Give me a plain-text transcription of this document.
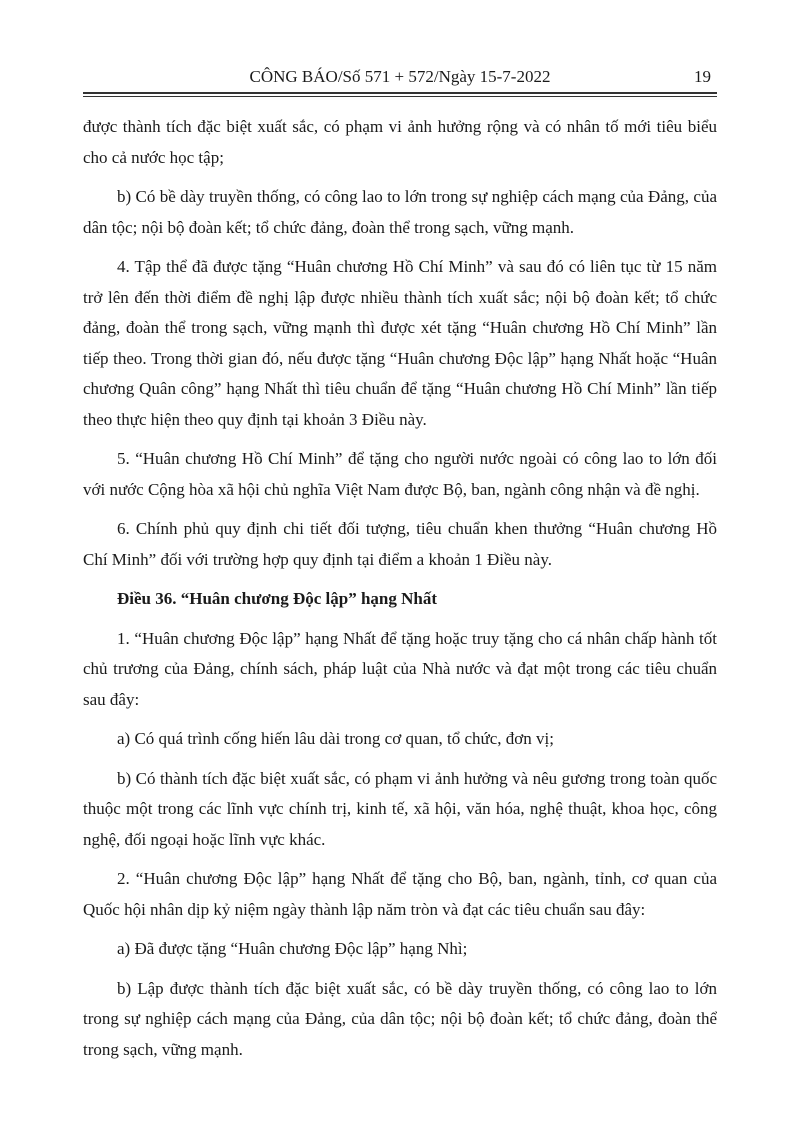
CÔNG BÁO/Số 571 + 572/Ngày 15-7-2022	19

được thành tích đặc biệt xuất sắc, có phạm vi ảnh hưởng rộng và có nhân tố mới tiêu biểu cho cả nước học tập;

b) Có bề dày truyền thống, có công lao to lớn trong sự nghiệp cách mạng của Đảng, của dân tộc; nội bộ đoàn kết; tổ chức đảng, đoàn thể trong sạch, vững mạnh.

4. Tập thể đã được tặng “Huân chương Hồ Chí Minh” và sau đó có liên tục từ 15 năm trở lên đến thời điểm đề nghị lập được nhiều thành tích xuất sắc; nội bộ đoàn kết; tổ chức đảng, đoàn thể trong sạch, vững mạnh thì được xét tặng “Huân chương Hồ Chí Minh” lần tiếp theo. Trong thời gian đó, nếu được tặng “Huân chương Độc lập” hạng Nhất hoặc “Huân chương Quân công” hạng Nhất thì tiêu chuẩn để tặng “Huân chương Hồ Chí Minh” lần tiếp theo thực hiện theo quy định tại khoản 3 Điều này.

5. “Huân chương Hồ Chí Minh” để tặng cho người nước ngoài có công lao to lớn đối với nước Cộng hòa xã hội chủ nghĩa Việt Nam được Bộ, ban, ngành công nhận và đề nghị.

6. Chính phủ quy định chi tiết đối tượng, tiêu chuẩn khen thưởng “Huân chương Hồ Chí Minh” đối với trường hợp quy định tại điểm a khoản 1 Điều này.

Điều 36. “Huân chương Độc lập” hạng Nhất

1. “Huân chương Độc lập” hạng Nhất để tặng hoặc truy tặng cho cá nhân chấp hành tốt chủ trương của Đảng, chính sách, pháp luật của Nhà nước và đạt một trong các tiêu chuẩn sau đây:

a) Có quá trình cống hiến lâu dài trong cơ quan, tổ chức, đơn vị;

b) Có thành tích đặc biệt xuất sắc, có phạm vi ảnh hưởng và nêu gương trong toàn quốc thuộc một trong các lĩnh vực chính trị, kinh tế, xã hội, văn hóa, nghệ thuật, khoa học, công nghệ, đối ngoại hoặc lĩnh vực khác.

2. “Huân chương Độc lập” hạng Nhất để tặng cho Bộ, ban, ngành, tỉnh, cơ quan của Quốc hội nhân dịp kỷ niệm ngày thành lập năm tròn và đạt các tiêu chuẩn sau đây:

a) Đã được tặng “Huân chương Độc lập” hạng Nhì;

b) Lập được thành tích đặc biệt xuất sắc, có bề dày truyền thống, có công lao to lớn trong sự nghiệp cách mạng của Đảng, của dân tộc; nội bộ đoàn kết; tổ chức đảng, đoàn thể trong sạch, vững mạnh.
